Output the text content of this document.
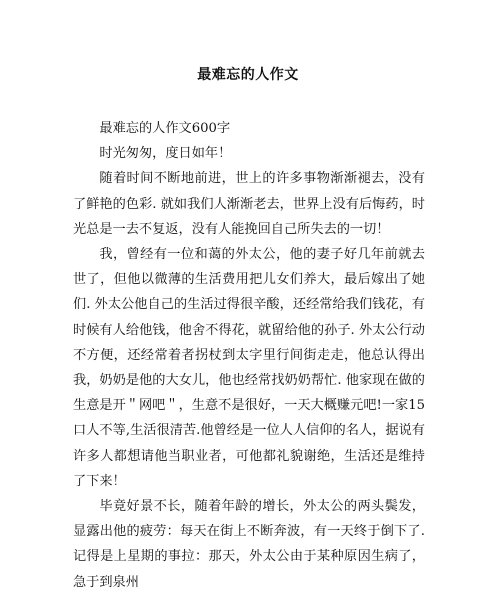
最难忘的人作文

最难忘的人作文600字

时光匆匆，度日如年！

随着时间不断地前进，世上的许多事物渐渐褪去，没有了鲜艳的色彩. 就如我们人渐渐老去，世界上没有后悔药，时光总是一去不复返，没有人能挽回自己所失去的一切！

我，曾经有一位和蔼的外太公，他的妻子好几年前就去世了，但他以微薄的生活费用把儿女们养大，最后嫁出了她们. 外太公他自己的生活过得很辛酸，还经常给我们钱花，有时候有人给他钱，他舍不得花，就留给他的孙子. 外太公行动不方便，还经常着者拐杖到太字里行间街走走，他总认得出我，奶奶是他的大女儿，他也经常找奶奶帮忙. 他家现在做的生意是开＂网吧＂，生意不是很好，一天大概赚元吧!一家15口人不等,生活很清苦.他曾经是一位人人信仰的名人，据说有许多人都想请他当职业者，可他都礼貌谢绝，生活还是维持了下来！

毕竟好景不长，随着年龄的增长，外太公的两头鬓发，显露出他的疲劳：每天在街上不断奔波，有一天终于倒下了. 记得是上星期的事拉：那天，外太公由于某种原因生病了，急于到泉州
